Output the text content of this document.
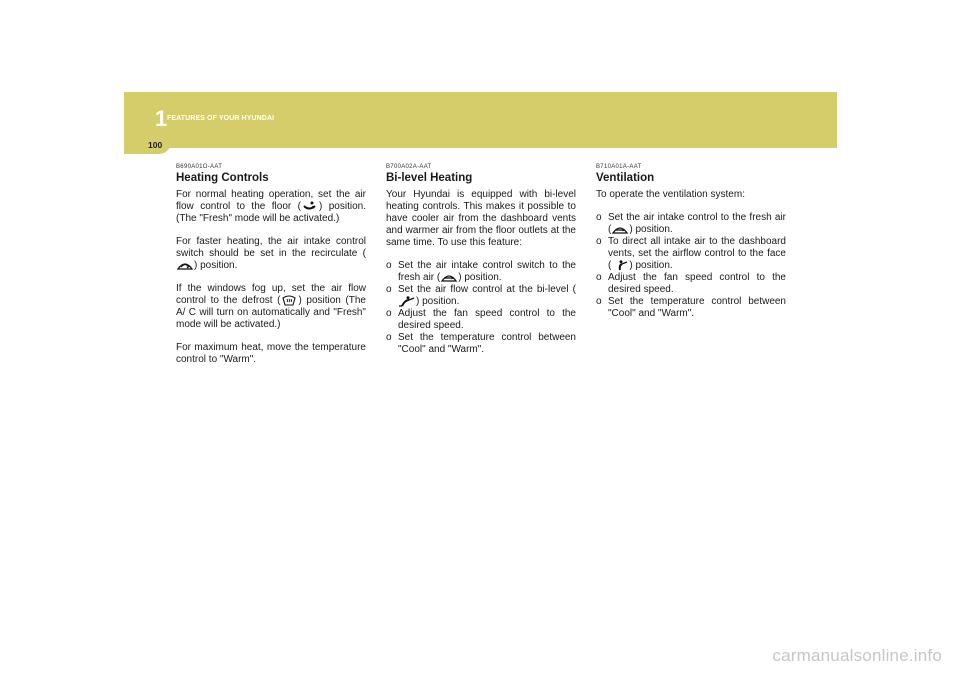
1 FEATURES OF YOUR HYUNDAI
100

B690A01O-AAT

Heating Controls

For normal heating operation, set the air flow control to the floor ( ) position. (The "Fresh" mode will be activated.)

For faster heating, the air intake control switch should be set in the recirculate (
) position.

If the windows fog up, set the air flow control to the defrost ( ) position (The A/ C will turn on automatically and "Fresh" mode will be activated.)

For maximum heat, move the temperature control to "Warm".

B700A02A-AAT

Bi-level Heating

Your Hyundai is equipped with bi-level heating controls. This makes it possible to have cooler air from the dashboard vents and warmer air from the floor outlets at the same time. To use this feature:

o Set the air intake control switch to the fresh air ( ) position.
o Set the air flow control at the bi-level (
) position.
o Adjust the fan speed control to the desired speed.
o Set the temperature control between "Cool" and "Warm".

B710A01A-AAT

Ventilation

To operate the ventilation system:

o Set the air intake control to the fresh air ( ) position.
o To direct all intake air to the dashboard vents, set the airflow control to the face ( ) position.
o Adjust the fan speed control to the desired speed.
o Set the temperature control between "Cool" and "Warm".
carmanualsonline.info
